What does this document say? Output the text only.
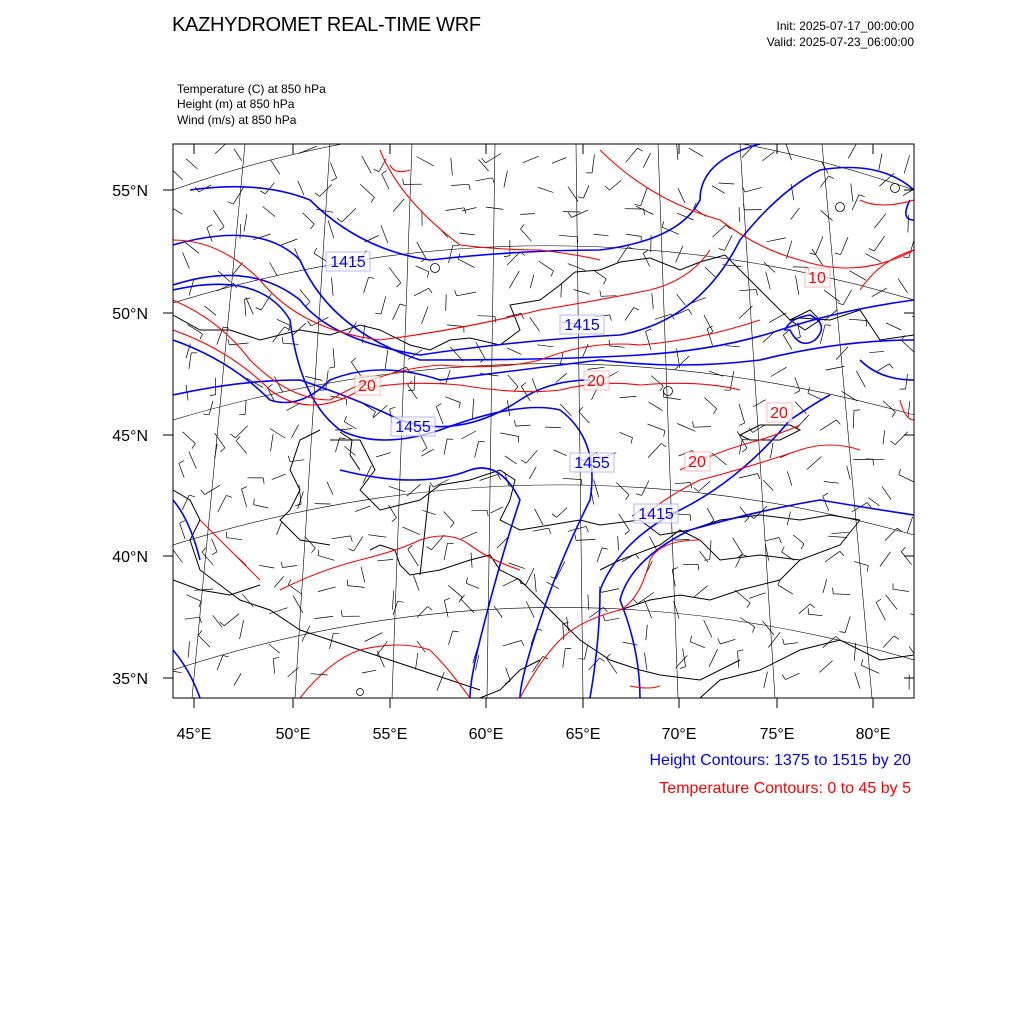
KAZHYDROMET REAL-TIME WRF	Init: 2025-07-17_00:00:00
Valid: 2025-07-23_06:00:00
Temperature (C) at 850 hPa
Height (m) at 850 hPa
Wind (m/s) at 850 hPa
55°N
50°N
45°N
40°N
35°N
45°E	50°E	55°E	60°E	65°E	70°E	75°E	80°E
1415
1415
1455
1455
1415
10
20	20
20
20
Height Contours: 1375 to 1515 by 20
Temperature Contours: 0 to 45 by 5
